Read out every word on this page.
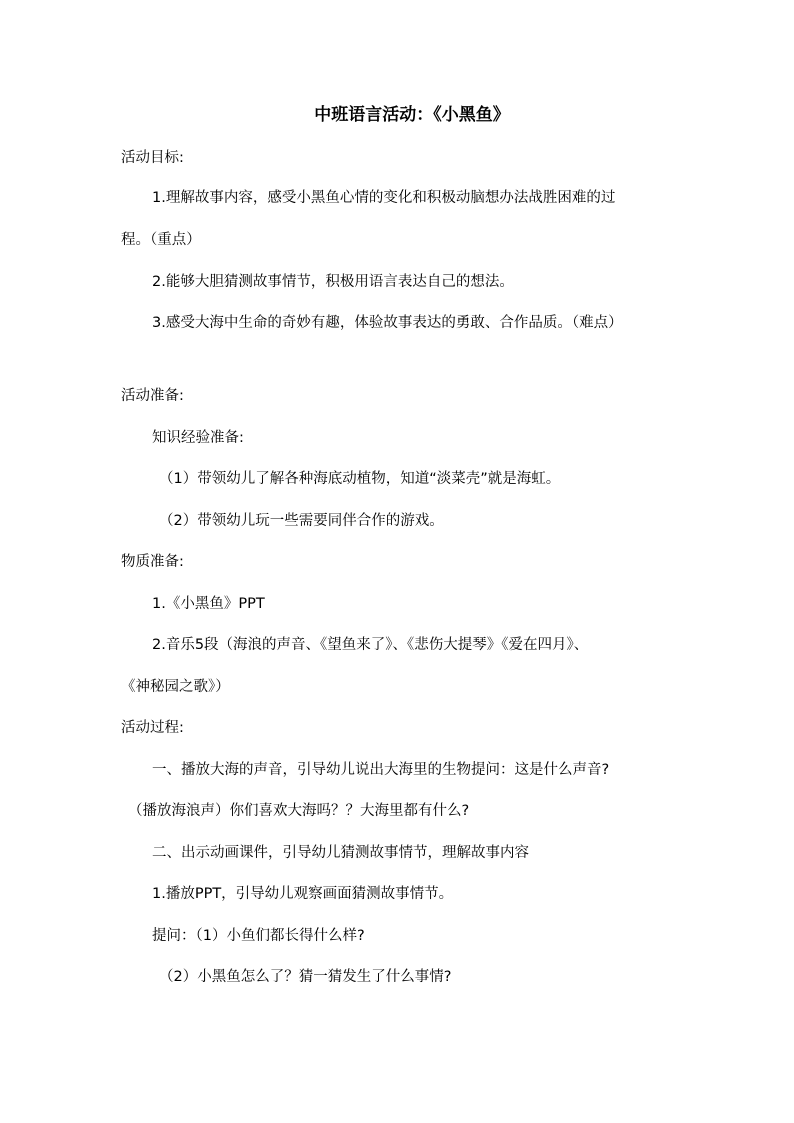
中班语言活动：《小黑鱼》
活动目标:
1.理解故事内容，感受小黑鱼心情的变化和积极动脑想办法战胜困难的过
程。（重点）
2.能够大胆猜测故事情节，积极用语言表达自己的想法。
3.感受大海中生命的奇妙有趣，体验故事表达的勇敢、合作品质。（难点）
活动准备:
知识经验准备:
（1）带领幼儿了解各种海底动植物，知道“淡菜壳”就是海虹。
（2）带领幼儿玩一些需要同伴合作的游戏。
物质准备:
1.《小黑鱼》PPT
2.音乐5段（海浪的声音、《望鱼来了》、《悲伤大提琴》《爱在四月》、
《神秘园之歌》）
活动过程:
一、播放大海的声音，引导幼儿说出大海里的生物提问：这是什么声音?
（播放海浪声）你们喜欢大海吗？？大海里都有什么?
二、出示动画课件，引导幼儿猜测故事情节，理解故事内容
1.播放PPT，引导幼儿观察画面猜测故事情节。
提问：（1）小鱼们都长得什么样?
（2）小黑鱼怎么了？猜一猜发生了什么事情?
